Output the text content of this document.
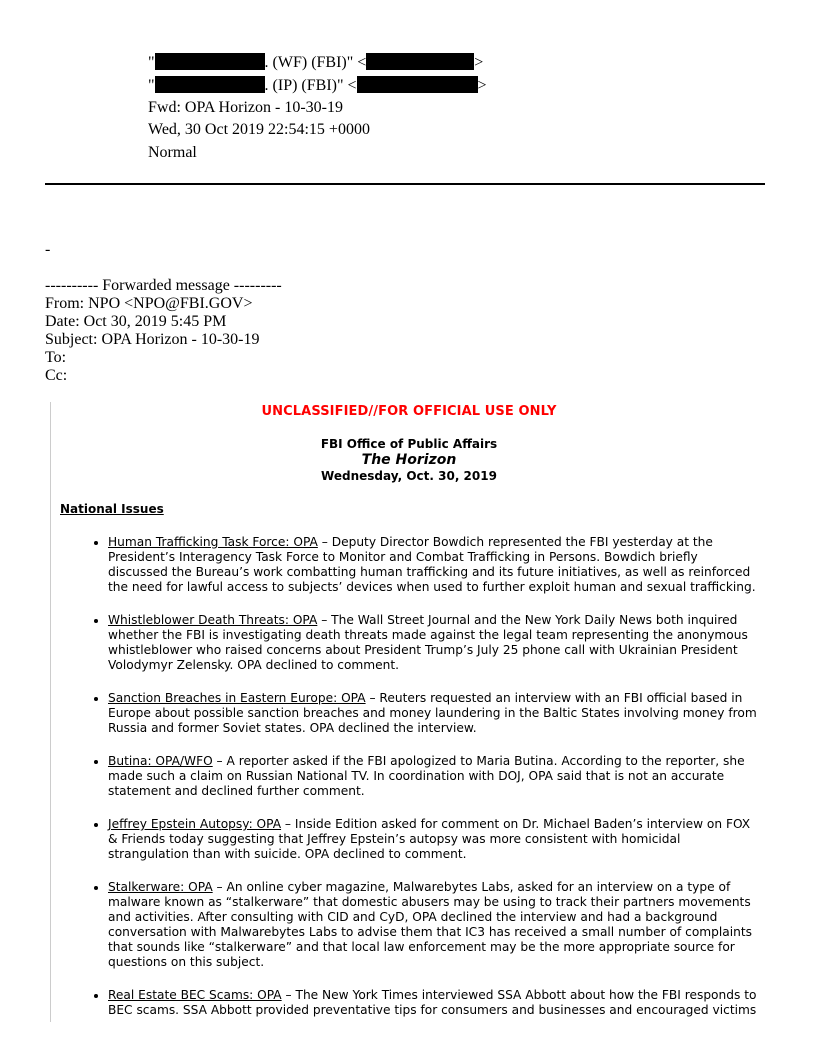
"	. (WF) (FBI)" <	>
"	. (IP) (FBI)" <	>
Fwd: OPA Horizon - 10-30-19
Wed, 30 Oct 2019 22:54:15 +0000
Normal
-
---------- Forwarded message ---------
From: NPO <NPO@FBI.GOV>
Date: Oct 30, 2019 5:45 PM
Subject: OPA Horizon - 10-30-19
To:
Cc:
UNCLASSIFIED//FOR OFFICIAL USE ONLY
FBI Office of Public Affairs
The Horizon
Wednesday, Oct. 30, 2019
National Issues
• Human Trafficking Task Force: OPA – Deputy Director Bowdich represented the FBI yesterday at the President’s Interagency Task Force to Monitor and Combat Trafficking in Persons. Bowdich briefly discussed the Bureau’s work combatting human trafficking and its future initiatives, as well as reinforced the need for lawful access to subjects’ devices when used to further exploit human and sexual trafficking.
• Whistleblower Death Threats: OPA – The Wall Street Journal and the New York Daily News both inquired whether the FBI is investigating death threats made against the legal team representing the anonymous whistleblower who raised concerns about President Trump’s July 25 phone call with Ukrainian President Volodymyr Zelensky. OPA declined to comment.
• Sanction Breaches in Eastern Europe: OPA – Reuters requested an interview with an FBI official based in Europe about possible sanction breaches and money laundering in the Baltic States involving money from Russia and former Soviet states. OPA declined the interview.
• Butina: OPA/WFO – A reporter asked if the FBI apologized to Maria Butina. According to the reporter, she made such a claim on Russian National TV. In coordination with DOJ, OPA said that is not an accurate statement and declined further comment.
• Jeffrey Epstein Autopsy: OPA – Inside Edition asked for comment on Dr. Michael Baden’s interview on FOX & Friends today suggesting that Jeffrey Epstein’s autopsy was more consistent with homicidal strangulation than with suicide. OPA declined to comment.
• Stalkerware: OPA – An online cyber magazine, Malwarebytes Labs, asked for an interview on a type of malware known as “stalkerware” that domestic abusers may be using to track their partners movements and activities. After consulting with CID and CyD, OPA declined the interview and had a background conversation with Malwarebytes Labs to advise them that IC3 has received a small number of complaints that sounds like “stalkerware” and that local law enforcement may be the more appropriate source for questions on this subject.
• Real Estate BEC Scams: OPA – The New York Times interviewed SSA Abbott about how the FBI responds to BEC scams. SSA Abbott provided preventative tips for consumers and businesses and encouraged victims
